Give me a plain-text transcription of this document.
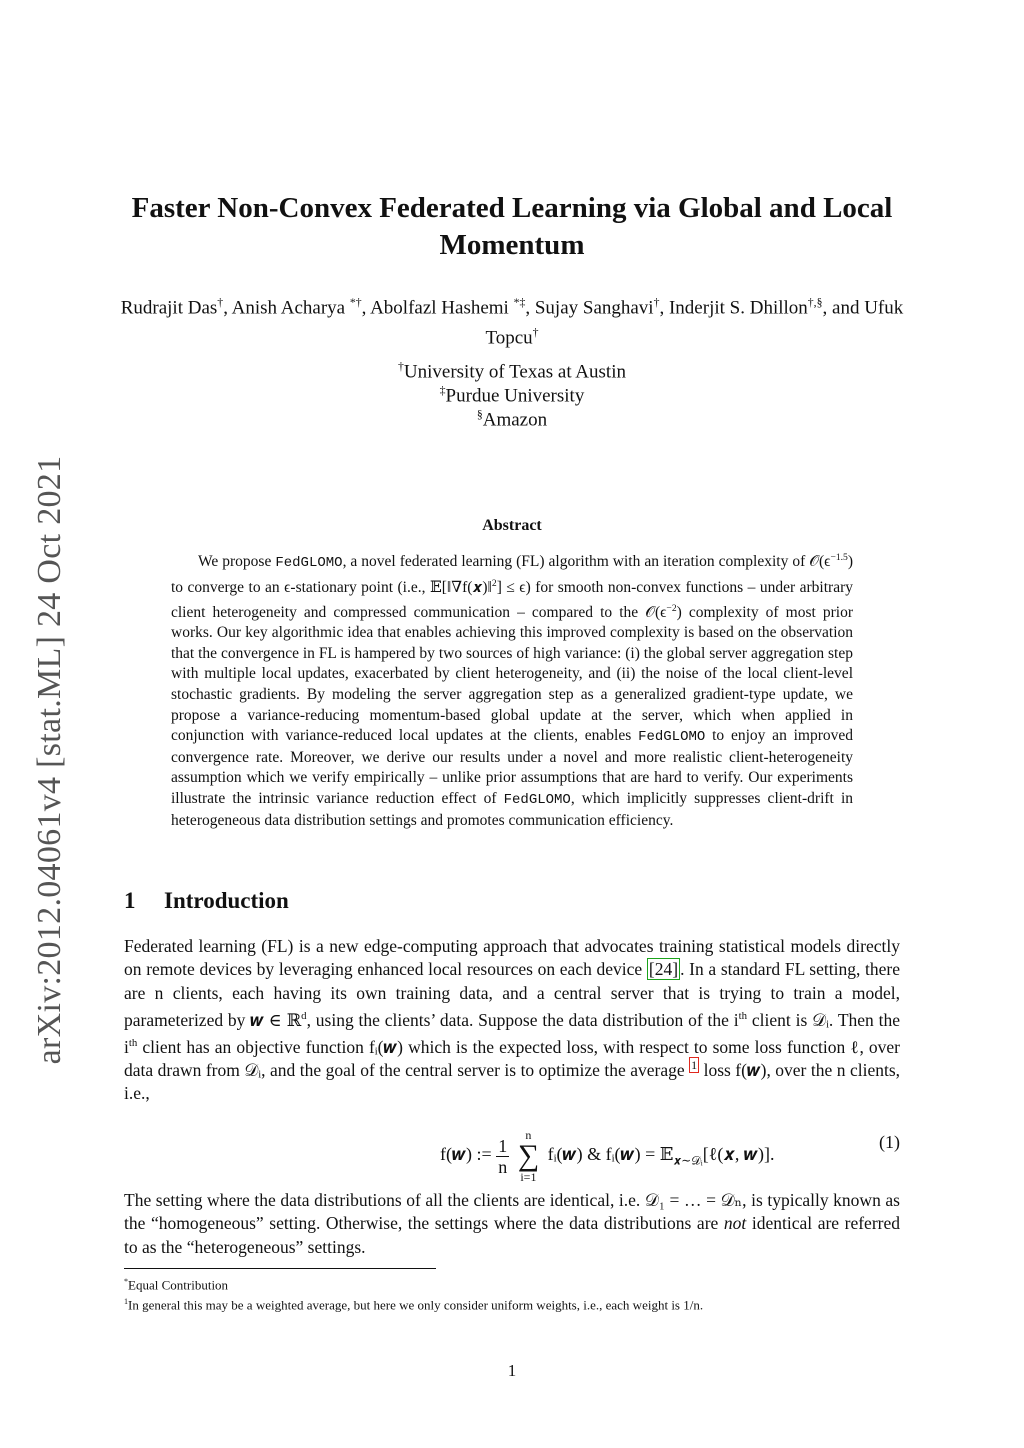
arXiv:2012.04061v4 [stat.ML] 24 Oct 2021
Faster Non-Convex Federated Learning via Global and Local Momentum
Rudrajit Das†, Anish Acharya *†, Abolfazl Hashemi *‡, Sujay Sanghavi†, Inderjit S. Dhillon†,§, and Ufuk Topcu†
†University of Texas at Austin
‡Purdue University
§Amazon
Abstract

We propose FedGLOMO, a novel federated learning (FL) algorithm with an iteration complexity of $𝒪(\epsilon^{-1.5})$ to converge to an ϵ-stationary point (i.e., 𝔼[‖∇f(𝒙)‖$^2$] ≤ ϵ) for smooth non-convex functions – under arbitrary client heterogeneity and compressed communication – compared to the $𝒪(\epsilon^{-2})$ complexity of most prior works. Our key algorithmic idea that enables achieving this improved complexity is based on the observation that the convergence in FL is hampered by two sources of high variance: (i) the global server aggregation step with multiple local updates, exacerbated by client heterogeneity, and (ii) the noise of the local client-level stochastic gradients. By modeling the server aggregation step as a generalized gradient-type update, we propose a variance-reducing momentum-based global update at the server, which when applied in conjunction with variance-reduced local updates at the clients, enables FedGLOMO to enjoy an improved convergence rate. Moreover, we derive our results under a novel and more realistic client-heterogeneity assumption which we verify empirically – unlike prior assumptions that are hard to verify. Our experiments illustrate the intrinsic variance reduction effect of FedGLOMO, which implicitly suppresses client-drift in heterogeneous data distribution settings and promotes communication efficiency.

1 Introduction

Federated learning (FL) is a new edge-computing approach that advocates training statistical models directly on remote devices by leveraging enhanced local resources on each device [24] . In a standard FL setting, there are n clients, each having its own training data, and a central server that is trying to train a model, parameterized by 𝒘 ∈ ℝ$^d$, using the clients’ data. Suppose the data distribution of the $i^{th}$ client is 𝒟ᵢ. Then the $i^{th}$ client has an objective function fᵢ(𝒘) which is the expected loss, with respect to some loss function ℓ, over data drawn from 𝒟ᵢ, and the goal of the central server is to optimize the average $^1$ loss f(𝒘), over the n clients, i.e.,

f(𝒘) := $\frac{1}{n}$ n
∑
i=1 fᵢ(𝒘) & fᵢ(𝒘) = 𝔼$_{𝒙\sim 𝒟ᵢ}$[ℓ(𝒙, 𝒘)].
(1)

The setting where the data distributions of all the clients are identical, i.e. 𝒟₁ = … = 𝒟ₙ, is typically known as the “homogeneous” setting. Otherwise, the settings where the data distributions are not identical are referred to as the “heterogeneous” settings.

*Equal Contribution
$^1$In general this may be a weighted average, but here we only consider uniform weights, i.e., each weight is 1/n.
1
